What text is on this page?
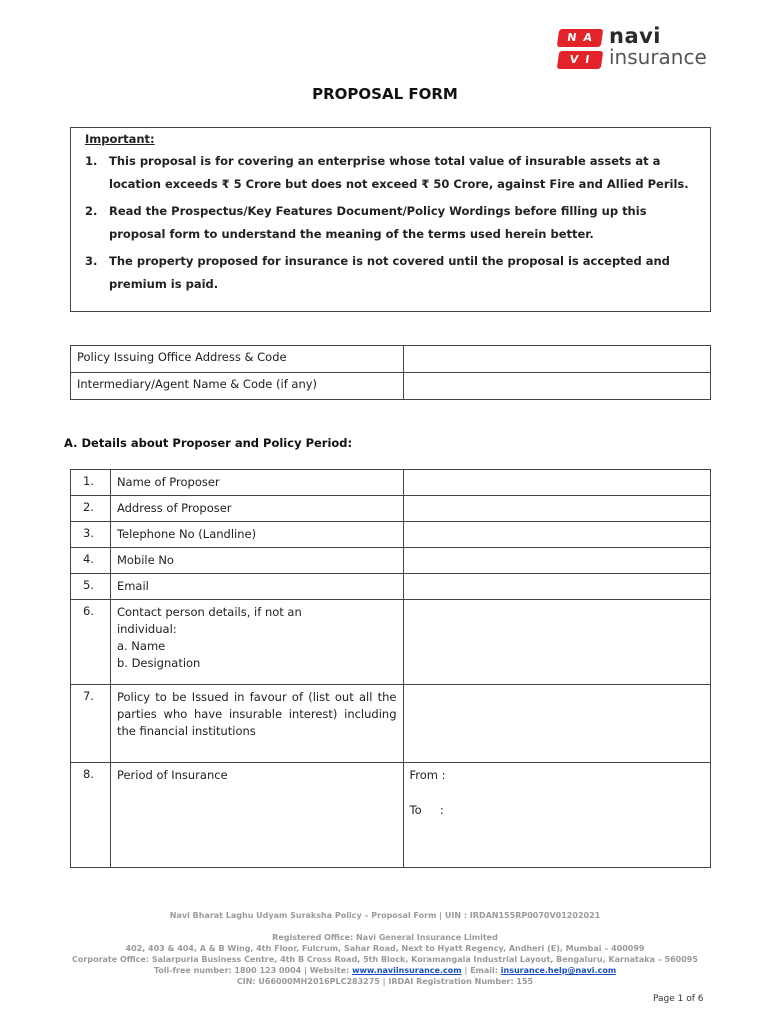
NA
VI
navi
insurance
PROPOSAL FORM
Important:
1. This proposal is for covering an enterprise whose total value of insurable assets at a location exceeds ₹ 5 Crore but does not exceed ₹ 50 Crore, against Fire and Allied Perils.
2. Read the Prospectus/Key Features Document/Policy Wordings before filling up this proposal form to understand the meaning of the terms used herein better.
3. The property proposed for insurance is not covered until the proposal is accepted and premium is paid.
Policy Issuing Office Address & Code	
Intermediary/Agent Name & Code (if any)	
A. Details about Proposer and Policy Period:
1.	Name of Proposer	
2.	Address of Proposer	
3.	Telephone No (Landline)	
4.	Mobile No	
5.	Email	
6.	Contact person details, if not an
individual:
a. Name
b. Designation	

7.	Policy to be Issued in favour of (list out all the parties who have insurable interest) including the financial institutions	
8.	Period of Insurance	From :
To     :
Navi Bharat Laghu Udyam Suraksha Policy – Proposal Form | UIN : IRDAN155RP0070V01202021
Registered Office: Navi General Insurance Limited
402, 403 & 404, A & B Wing, 4th Floor, Fulcrum, Sahar Road, Next to Hyatt Regency, Andheri (E), Mumbai – 400099
Corporate Office: Salarpuria Business Centre, 4th B Cross Road, 5th Block, Koramangala Industrial Layout, Bengaluru, Karnataka – 560095
Toll-free number: 1800 123 0004 | Website: www.naviinsurance.com | Email: insurance.help@navi.com
CIN: U66000MH2016PLC283275 | IRDAI Registration Number: 155
Page 1 of 6
